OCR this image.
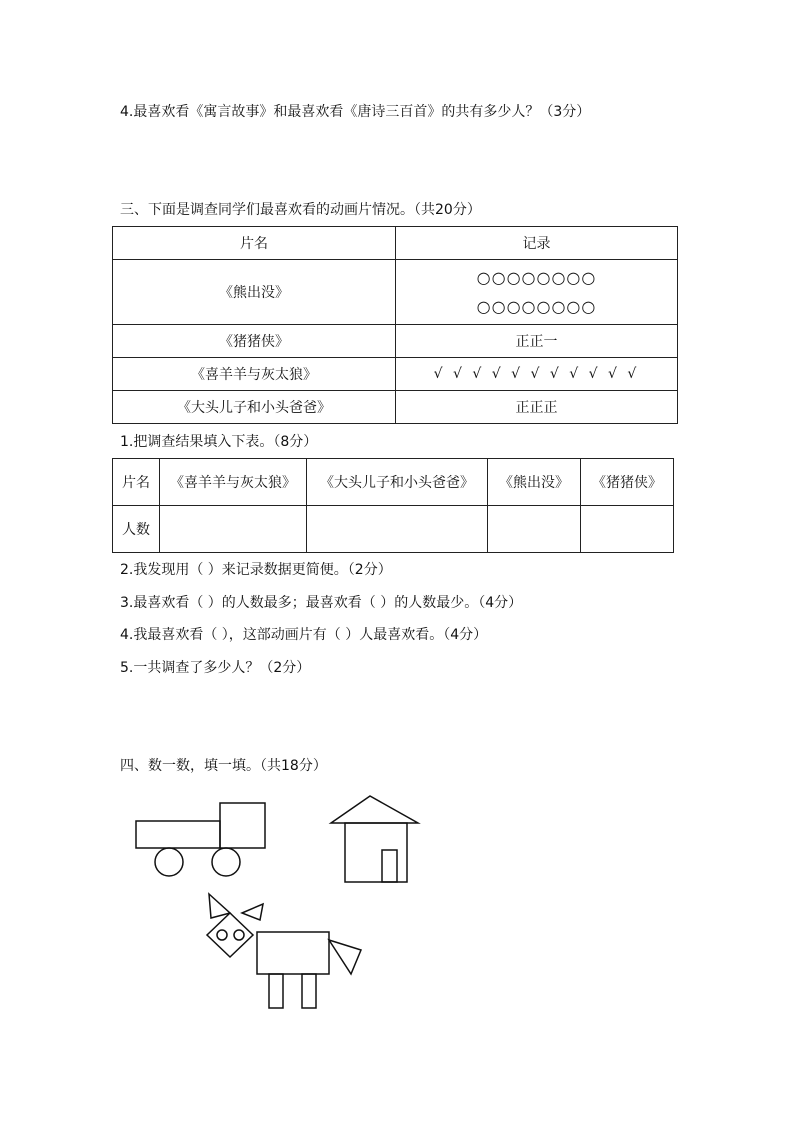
4.最喜欢看《寓言故事》和最喜欢看《唐诗三百首》的共有多少人？（3分）
三、下面是调查同学们最喜欢看的动画片情况。（共20分）
片名	记录
《熊出没》	○○○○○○○○
○○○○○○○○

《猪猪侠》	正正一
《喜羊羊与灰太狼》	√ √ √ √ √ √ √ √ √ √ √
《大头儿子和小头爸爸》	正正正
1.把调查结果填入下表。（8分）
片名	《喜羊羊与灰太狼》	《大头儿子和小头爸爸》	《熊出没》	《猪猪侠》
人数				
2.我发现用（ ）来记录数据更简便。（2分）
3.最喜欢看（ ）的人数最多；最喜欢看（ ）的人数最少。（4分）
4.我最喜欢看（ ），这部动画片有（ ）人最喜欢看。（4分）
5.一共调查了多少人？（2分）
四、数一数，填一填。（共18分）
